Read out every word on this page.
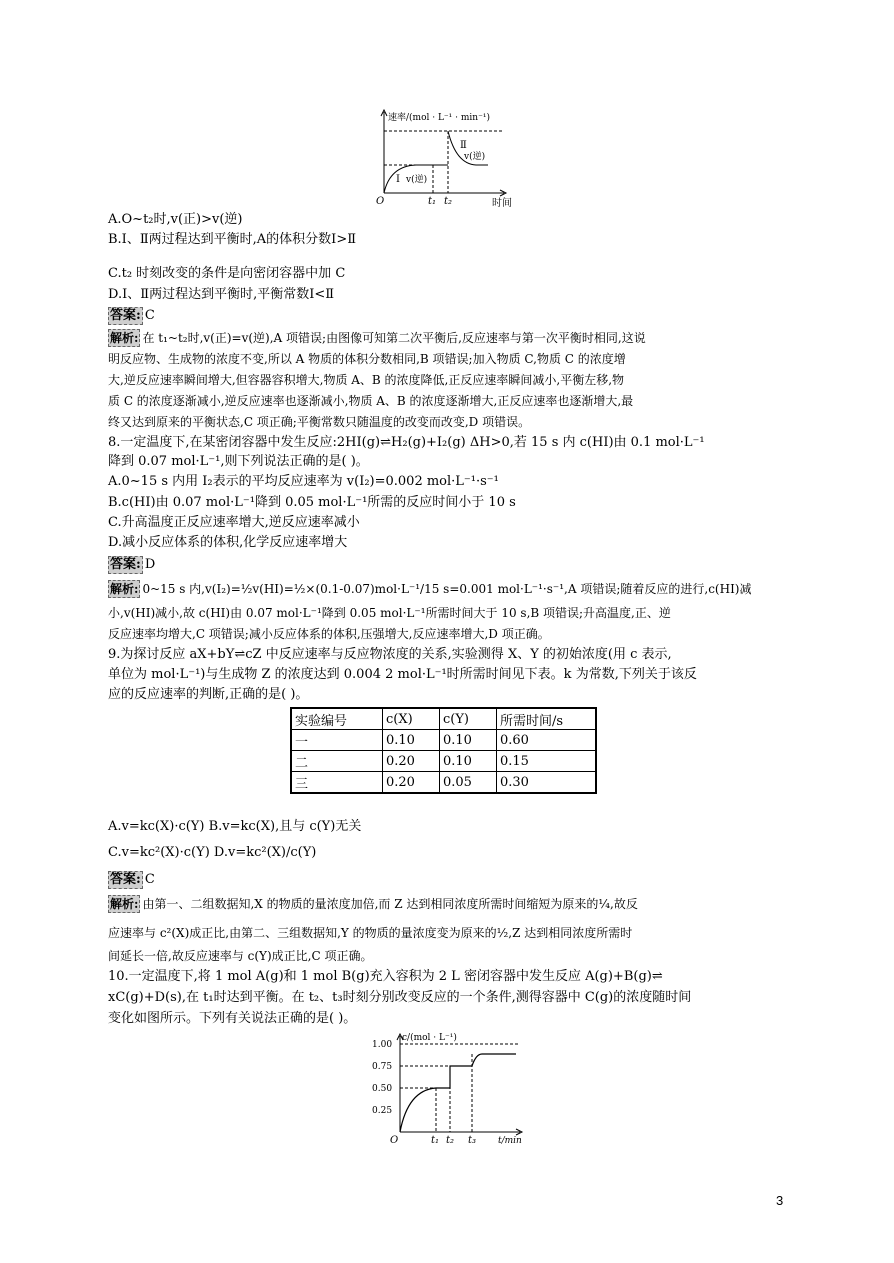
速率/(mol · L⁻¹ · min⁻¹)
O	时间
t₁ t₂
Ⅰ v(逆)
Ⅱ
v(逆)
A.O~t₂时,v(正)>v(逆)
B.Ⅰ、Ⅱ两过程达到平衡时,A的体积分数Ⅰ>Ⅱ
C.t₂ 时刻改变的条件是向密闭容器中加 C
D.Ⅰ、Ⅱ两过程达到平衡时,平衡常数Ⅰ<Ⅱ
答案: C
解析: 在 t₁~t₂时,v(正)=v(逆),A 项错误;由图像可知第二次平衡后,反应速率与第一次平衡时相同,这说
明反应物、生成物的浓度不变,所以 A 物质的体积分数相同,B 项错误;加入物质 C,物质 C 的浓度增
大,逆反应速率瞬间增大,但容器容积增大,物质 A、B 的浓度降低,正反应速率瞬间减小,平衡左移,物
质 C 的浓度逐渐减小,逆反应速率也逐渐减小,物质 A、B 的浓度逐渐增大,正反应速率也逐渐增大,最
终又达到原来的平衡状态,C 项正确;平衡常数只随温度的改变而改变,D 项错误。
8.一定温度下,在某密闭容器中发生反应:2HI(g)⇌H₂(g)+I₂(g) ΔH>0,若 15 s 内 c(HI)由 0.1 mol·L⁻¹
降到 0.07 mol·L⁻¹,则下列说法正确的是( )。
A.0~15 s 内用 I₂表示的平均反应速率为 v(I₂)=0.002 mol·L⁻¹·s⁻¹
B.c(HI)由 0.07 mol·L⁻¹降到 0.05 mol·L⁻¹所需的反应时间小于 10 s
C.升高温度正反应速率增大,逆反应速率减小
D.减小反应体系的体积,化学反应速率增大
答案: D
解析: 0~15 s 内,v(I₂)=½v(HI)=½×(0.1-0.07)mol·L⁻¹/15 s=0.001 mol·L⁻¹·s⁻¹,A 项错误;随着反应的进行,c(HI)减
小,v(HI)减小,故 c(HI)由 0.07 mol·L⁻¹降到 0.05 mol·L⁻¹所需时间大于 10 s,B 项错误;升高温度,正、逆
反应速率均增大,C 项错误;减小反应体系的体积,压强增大,反应速率增大,D 项正确。
9.为探讨反应 aX+bY⇌cZ 中反应速率与反应物浓度的关系,实验测得 X、Y 的初始浓度(用 c 表示,
单位为 mol·L⁻¹)与生成物 Z 的浓度达到 0.004 2 mol·L⁻¹时所需时间见下表。k 为常数,下列关于该反
应的反应速率的判断,正确的是( )。
实验编号	c(X)	c(Y)	所需时间/s
一	0.10	0.10	0.60
二	0.20	0.10	0.15
三	0.20	0.05	0.30
A.v=kc(X)·c(Y) B.v=kc(X),且与 c(Y)无关
C.v=kc²(X)·c(Y) D.v=kc²(X)/c(Y)
答案: C
解析: 由第一、二组数据知,X 的物质的量浓度加倍,而 Z 达到相同浓度所需时间缩短为原来的¼,故反
应速率与 c²(X)成正比,由第二、三组数据知,Y 的物质的量浓度变为原来的½,Z 达到相同浓度所需时
间延长一倍,故反应速率与 c(Y)成正比,C 项正确。
10.一定温度下,将 1 mol A(g)和 1 mol B(g)充入容积为 2 L 密闭容器中发生反应 A(g)+B(g)⇌
xC(g)+D(s),在 t₁时达到平衡。在 t₂、t₃时刻分别改变反应的一个条件,测得容器中 C(g)的浓度随时间
变化如图所示。下列有关说法正确的是( )。
c/(mol · L⁻¹)
1.00
0.75
0.50
0.25
O	t₁ t₂ t₃ t/min
3
